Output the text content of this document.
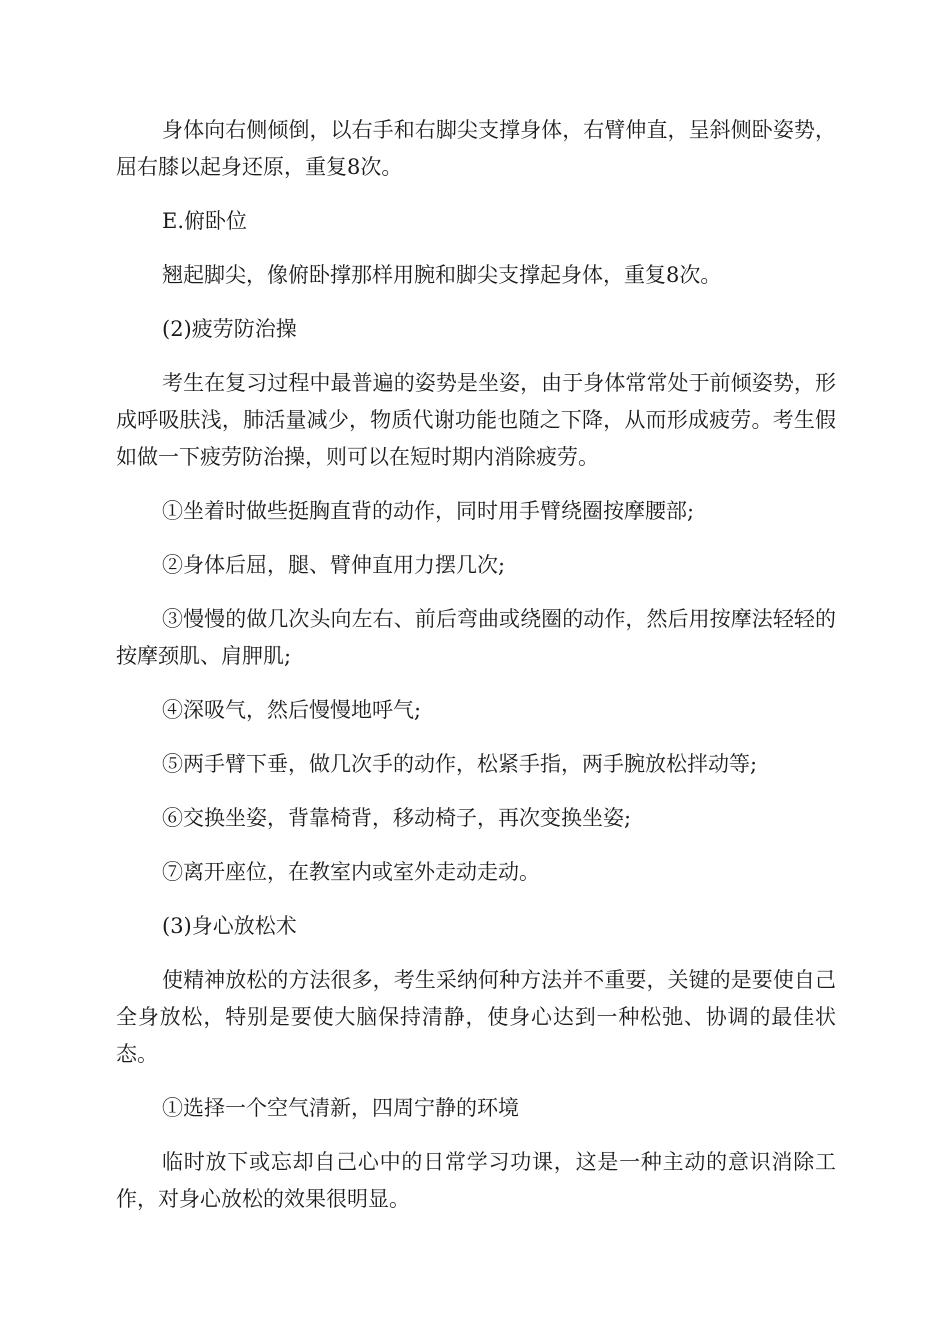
身体向右侧倾倒，以右手和右脚尖支撑身体，右臂伸直，呈斜侧卧姿势，屈右膝以起身还原，重复8次。

E.俯卧位

翘起脚尖，像俯卧撑那样用腕和脚尖支撑起身体，重复8次。

(2)疲劳防治操

考生在复习过程中最普遍的姿势是坐姿，由于身体常常处于前倾姿势，形成呼吸肤浅，肺活量减少，物质代谢功能也随之下降，从而形成疲劳。考生假如做一下疲劳防治操，则可以在短时期内消除疲劳。

①坐着时做些挺胸直背的动作，同时用手臂绕圈按摩腰部;

②身体后屈，腿、臂伸直用力摆几次;

③慢慢的做几次头向左右、前后弯曲或绕圈的动作，然后用按摩法轻轻的按摩颈肌、肩胛肌;

④深吸气，然后慢慢地呼气;

⑤两手臂下垂，做几次手的动作，松紧手指，两手腕放松拌动等;

⑥交换坐姿，背靠椅背，移动椅子，再次变换坐姿;

⑦离开座位，在教室内或室外走动走动。

(3)身心放松术

使精神放松的方法很多，考生采纳何种方法并不重要，关键的是要使自己全身放松，特别是要使大脑保持清静，使身心达到一种松弛、协调的最佳状态。

①选择一个空气清新，四周宁静的环境

临时放下或忘却自己心中的日常学习功课，这是一种主动的意识消除工作，对身心放松的效果很明显。
